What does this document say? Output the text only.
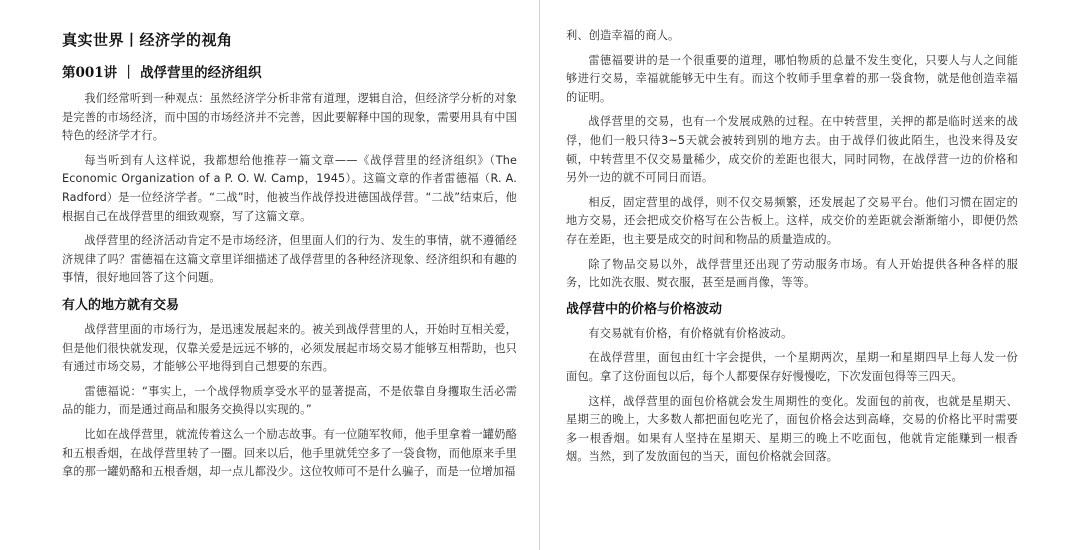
真实世界丨经济学的视角
第001讲 ｜ 战俘营里的经济组织

我们经常听到一种观点：虽然经济学分析非常有道理，逻辑自洽，但经济学分析的对象是完善的市场经济，而中国的市场经济并不完善，因此要解释中国的现象，需要用具有中国特色的经济学才行。

每当听到有人这样说，我都想给他推荐一篇文章——《战俘营里的经济组织》（The Economic Organization of a P. O. W. Camp，1945）。这篇文章的作者雷德福（R. A. Radford）是一位经济学者。“二战”时，他被当作战俘投进德国战俘营。“二战”结束后，他根据自己在战俘营里的细致观察，写了这篇文章。

战俘营里的经济活动肯定不是市场经济，但里面人们的行为、发生的事情，就不遵循经济规律了吗？雷德福在这篇文章里详细描述了战俘营里的各种经济现象、经济组织和有趣的事情，很好地回答了这个问题。

有人的地方就有交易

战俘营里面的市场行为，是迅速发展起来的。被关到战俘营里的人，开始时互相关爱，但是他们很快就发现，仅靠关爱是远远不够的，必须发展起市场交易才能够互相帮助，也只有通过市场交易，才能够公平地得到自己想要的东西。

雷德福说：“事实上，一个战俘物质享受水平的显著提高，不是依靠自身攫取生活必需品的能力，而是通过商品和服务交换得以实现的。”

比如在战俘营里，就流传着这么一个励志故事。有一位随军牧师，他手里拿着一罐奶酪和五根香烟，在战俘营里转了一圈。回来以后，他手里就凭空多了一袋食物，而他原来手里拿的那一罐奶酪和五根香烟，却一点儿都没少。这位牧师可不是什么骗子，而是一位增加福

利、创造幸福的商人。

雷德福要讲的是一个很重要的道理，哪怕物质的总量不发生变化，只要人与人之间能够进行交易，幸福就能够无中生有。而这个牧师手里拿着的那一袋食物，就是他创造幸福的证明。

战俘营里的交易，也有一个发展成熟的过程。在中转营里，关押的都是临时送来的战俘，他们一般只待3~5天就会被转到别的地方去。由于战俘们彼此陌生，也没来得及安顿，中转营里不仅交易量稀少，成交价的差距也很大，同时同物，在战俘营一边的价格和另外一边的就不可同日而语。

相反，固定营里的战俘，则不仅交易频繁，还发展起了交易平台。他们习惯在固定的地方交易，还会把成交价格写在公告板上。这样，成交价的差距就会渐渐缩小，即便仍然存在差距，也主要是成交的时间和物品的质量造成的。

除了物品交易以外，战俘营里还出现了劳动服务市场。有人开始提供各种各样的服务，比如洗衣服、熨衣服，甚至是画肖像，等等。

战俘营中的价格与价格波动

有交易就有价格，有价格就有价格波动。

在战俘营里，面包由红十字会提供，一个星期两次，星期一和星期四早上每人发一份面包。拿了这份面包以后，每个人都要保存好慢慢吃，下次发面包得等三四天。

这样，战俘营里的面包价格就会发生周期性的变化。发面包的前夜，也就是星期天、星期三的晚上，大多数人都把面包吃光了，面包价格会达到高峰，交易的价格比平时需要多一根香烟。如果有人坚持在星期天、星期三的晚上不吃面包，他就肯定能赚到一根香烟。当然，到了发放面包的当天，面包价格就会回落。
